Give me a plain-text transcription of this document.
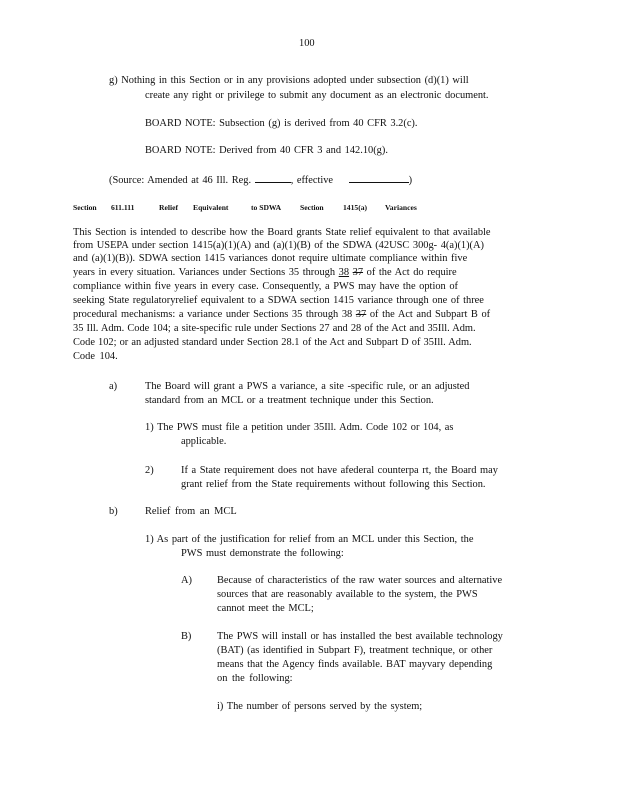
100
g) Nothing in this Section or in any provisions adopted under subsection (d)(1) will
create any right or privilege to submit any document as an electronic document.
BOARD NOTE: Subsection (g) is derived from 40 CFR 3.2(c).
BOARD NOTE: Derived from 40 CFR 3 and 142.10(g).
(Source: Amended at 46 Ill. Reg.	, effective	)
Section 611.111	Relief Equivalent	to SDWA Section	1415(a) Variances
This Section is intended to describe how the Board grants State relief equivalent to that available
from USEPA under section 1415(a)(1)(A) and (a)(1)(B) of the SDWA (42USC 300g- 4(a)(1)(A)
and (a)(1)(B)). SDWA section 1415 variances donot require ultimate compliance within five
years in every situation. Variances under Sections 35 through 38 37 of the Act do require
compliance within five years in every case. Consequently, a PWS may have the option of
seeking State regulatoryrelief equivalent to a SDWA section 1415 variance through one of three
procedural mechanisms: a variance under Sections 35 through 38 37 of the Act and Subpart B of
35 Ill. Adm. Code 104; a site-specific rule under Sections 27 and 28 of the Act and 35Ill. Adm.
Code 102; or an adjusted standard under Section 28.1 of the Act and Subpart D of 35Ill. Adm.
Code 104.
a)	The Board will grant a PWS a variance, a site -specific rule, or an adjusted
standard from an MCL or a treatment technique under this Section.
1) The PWS must file a petition under 35Ill. Adm. Code 102 or 104, as
applicable.
2)	If a State requirement does not have afederal counterpa rt, the Board may
grant relief from the State requirements without following this Section.
b)	Relief from an MCL
1) As part of the justification for relief from an MCL under this Section, the
PWS must demonstrate the following:
A) Because of characteristics of the raw water sources and alternative
sources that are reasonably available to the system, the PWS
cannot meet the MCL;
B) The PWS will install or has installed the best available technology
(BAT) (as identified in Subpart F), treatment technique, or other
means that the Agency finds available. BAT mayvary depending
on the following:
i) The number of persons served by the system;
